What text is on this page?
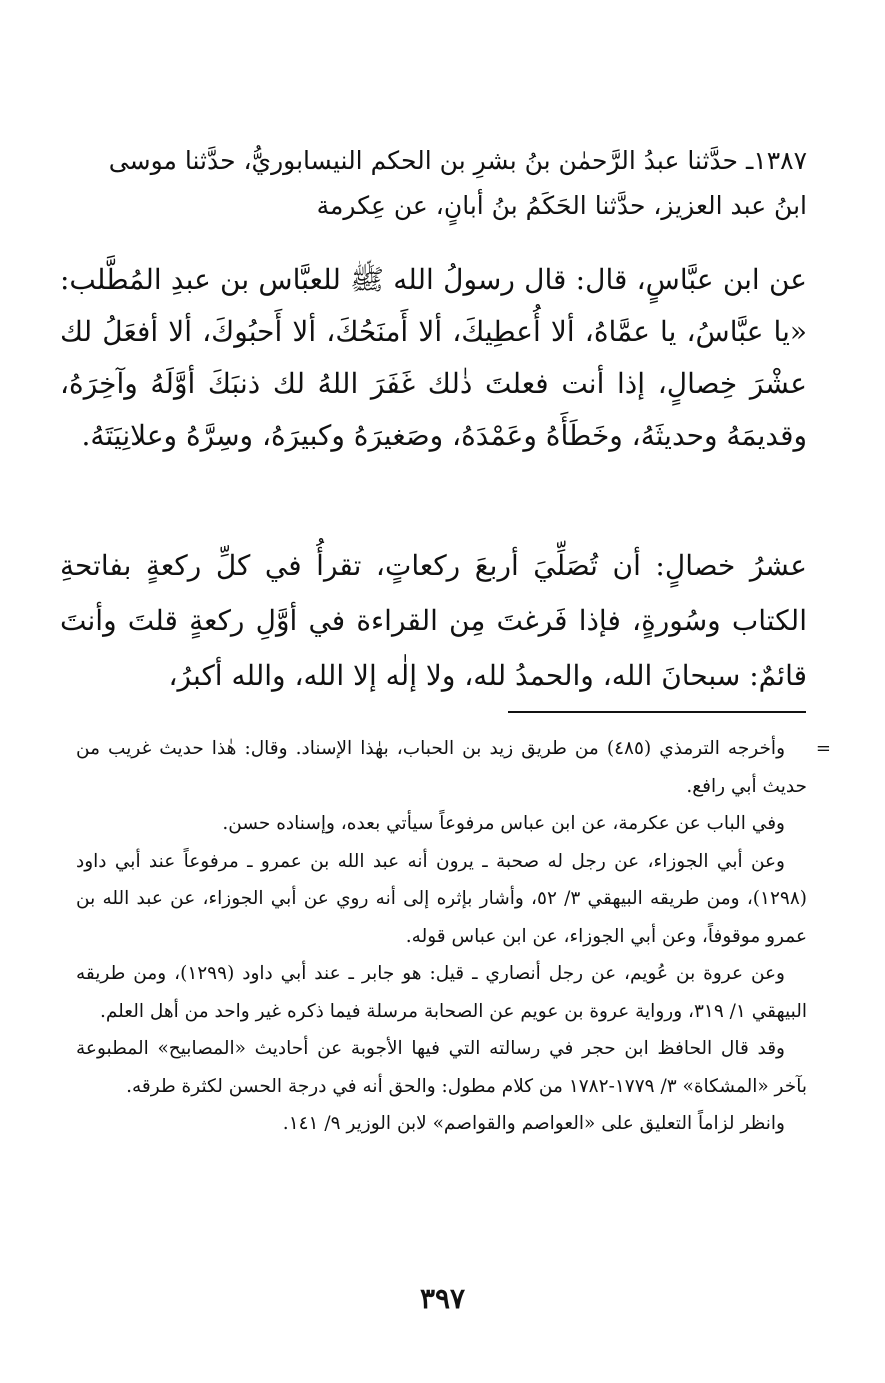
١٣٨٧ـ حدَّثنا عبدُ الرَّحمٰن بنُ بشرِ بن الحكم النيسابوريُّ، حدَّثنا موسى

ابنُ عبد العزيز، حدَّثنا الحَكَمُ بنُ أبانٍ، عن عِكرمة

عن ابن عبَّاسٍ، قال: قال رسولُ الله ﷺ للعبَّاس بن عبدِ المُطَّلب: «يا عبَّاسُ، يا عمَّاهُ، ألا أُعطِيكَ، ألا أَمنَحُكَ، ألا أَحبُوكَ، ألا أفعَلُ لك عشْرَ خِصالٍ، إذا أنت فعلتَ ذٰلك غَفَرَ اللهُ لك ذنبَكَ أوَّلَهُ وآخِرَهُ، وقديمَهُ وحديثَهُ، وخَطَأَهُ وعَمْدَهُ، وصَغيرَهُ وكبيرَهُ، وسِرَّهُ وعلانِيَتَهُ.

عشرُ خصالٍ: أن تُصَلِّيَ أربعَ ركعاتٍ، تقرأُ في كلِّ ركعةٍ بفاتحةِ الكتاب وسُورةٍ، فإذا فَرغتَ مِن القراءة في أوَّلِ ركعةٍ قلتَ وأنتَ قائمٌ: سبحانَ الله، والحمدُ لله، ولا إلٰه إلا الله، والله أكبرُ،

=
وأخرجه الترمذي (٤٨٥) من طريق زيد بن الحباب، بهٰذا الإسناد. وقال: هٰذا حديث غريب من حديث أبي رافع.

وفي الباب عن عكرمة، عن ابن عباس مرفوعاً سيأتي بعده، وإسناده حسن.

وعن أبي الجوزاء، عن رجل له صحبة ـ يرون أنه عبد الله بن عمرو ـ مرفوعاً عند أبي داود (١٢٩٨)، ومن طريقه البيهقي ٣/ ٥٢، وأشار بإثره إلى أنه روي عن أبي الجوزاء، عن عبد الله بن عمرو موقوفاً، وعن أبي الجوزاء، عن ابن عباس قوله.

وعن عروة بن عُويم، عن رجل أنصاري ـ قيل: هو جابر ـ عند أبي داود (١٢٩٩)، ومن طريقه البيهقي ١/ ٣١٩، ورواية عروة بن عويم عن الصحابة مرسلة فيما ذكره غير واحد من أهل العلم.

وقد قال الحافظ ابن حجر في رسالته التي فيها الأجوبة عن أحاديث «المصابيح» المطبوعة بآخر «المشكاة» ٣/ ١٧٧٩-١٧٨٢ من كلام مطول: والحق أنه في درجة الحسن لكثرة طرقه.

وانظر لزاماً التعليق على «العواصم والقواصم» لابن الوزير ٩/ ١٤١.

٣٩٧
